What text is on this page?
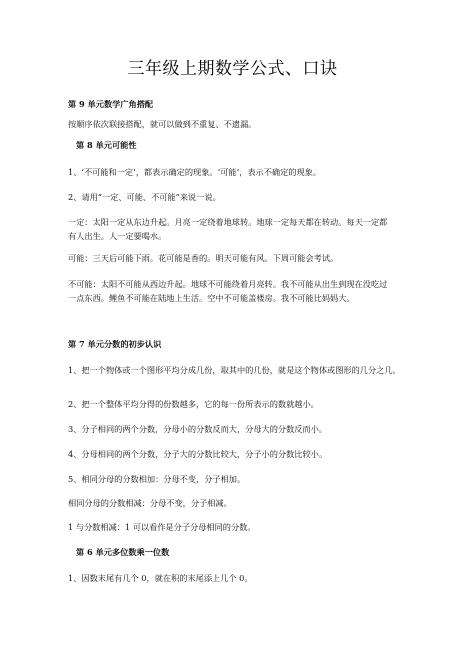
三年级上期数学公式、口诀
第 9 单元数学广角搭配
按顺序依次联接搭配，就可以做到不重复、不遗漏。
第 8 单元可能性
1、‘不可能和一定’，都表示确定的现象。‘可能’，表示不确定的现象。
2、请用“一定、可能、不可能”来说一说。
一定：太阳一定从东边升起。月亮一定绕着地球转。地球一定每天都在转动。每天一定都
有人出生。人一定要喝水。
可能：三天后可能下雨。花可能是香的。明天可能有风。下周可能会考试。
不可能：太阳不可能从西边升起。地球不可能绕着月亮转。我不可能从出生到现在没吃过
一点东西。鲤鱼不可能在陆地上生活。空中不可能盖楼房。我不可能比妈妈大。
第 7 单元分数的初步认识
1、把一个物体或一个图形平均分成几份，取其中的几份，就是这个物体或图形的几分之几。
2、把一个整体平均分得的份数越多，它的每一份所表示的数就越小。
3、分子相同的两个分数，分母小的分数反而大，分母大的分数反而小。
4、分母相同的两个分数，分子大的分数比较大，分子小的分数比较小。
5、相同分母的分数相加：分母不变，分子相加。
相同分母的分数相减：分母不变，分子相减。
1 与分数相减：1 可以看作是分子分母相同的分数。
第 6 单元多位数乘一位数
1、因数末尾有几个 0，就在积的末尾添上几个 0。
